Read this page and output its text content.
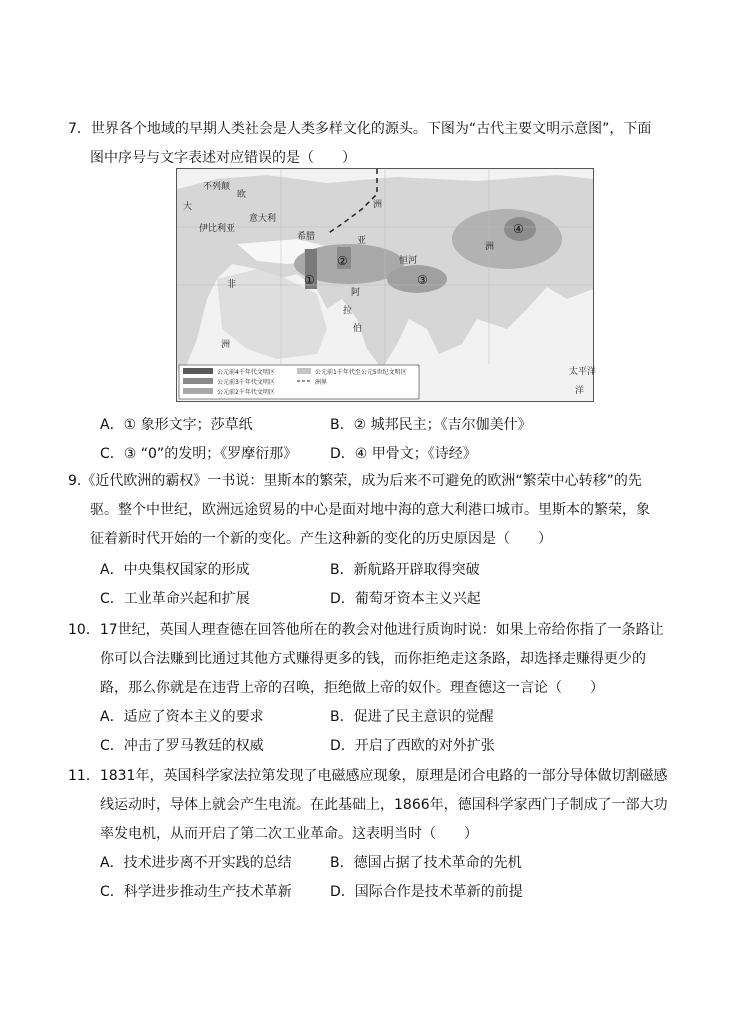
7．世界各个地域的早期人类社会是人类多样文化的源头。下图为“古代主要文明示意图”，下面
图中序号与文字表述对应错误的是（　　）
不列颠
欧
洲
大
伊比利亚
意大利
希腊	亚
非
阿
拉
伯
恒河
洲
洲
太平洋
洋
①
②
③
④
公元前4千年代文明区	公元前1千年代至公元5世纪文明区
公元前3千年代文明区	洲界
公元前2千年代文明区
A．① 象形文字；莎草纸	B．② 城邦民主；《吉尔伽美什》
C．③ “0”的发明；《罗摩衍那》 D．④ 甲骨文；《诗经》
9.《近代欧洲的霸权》一书说：里斯本的繁荣，成为后来不可避免的欧洲“繁荣中心转移”的先
驱。整个中世纪，欧洲远途贸易的中心是面对地中海的意大利港口城市。里斯本的繁荣，象
征着新时代开始的一个新的变化。产生这种新的变化的历史原因是（　　）
A．中央集权国家的形成	B．新航路开辟取得突破
C．工业革命兴起和扩展	D．葡萄牙资本主义兴起
10．17世纪，英国人理查德在回答他所在的教会对他进行质询时说：如果上帝给你指了一条路让
你可以合法赚到比通过其他方式赚得更多的钱，而你拒绝走这条路，却选择走赚得更少的
路，那么你就是在违背上帝的召唤，拒绝做上帝的奴仆。理查德这一言论（　　）
A．适应了资本主义的要求	B．促进了民主意识的觉醒
C．冲击了罗马教廷的权威	D．开启了西欧的对外扩张
11．1831年，英国科学家法拉第发现了电磁感应现象，原理是闭合电路的一部分导体做切割磁感
线运动时，导体上就会产生电流。在此基础上，1866年，德国科学家西门子制成了一部大功
率发电机，从而开启了第二次工业革命。这表明当时（　　）
A．技术进步离不开实践的总结	B．德国占据了技术革命的先机
C．科学进步推动生产技术革新	D．国际合作是技术革新的前提
